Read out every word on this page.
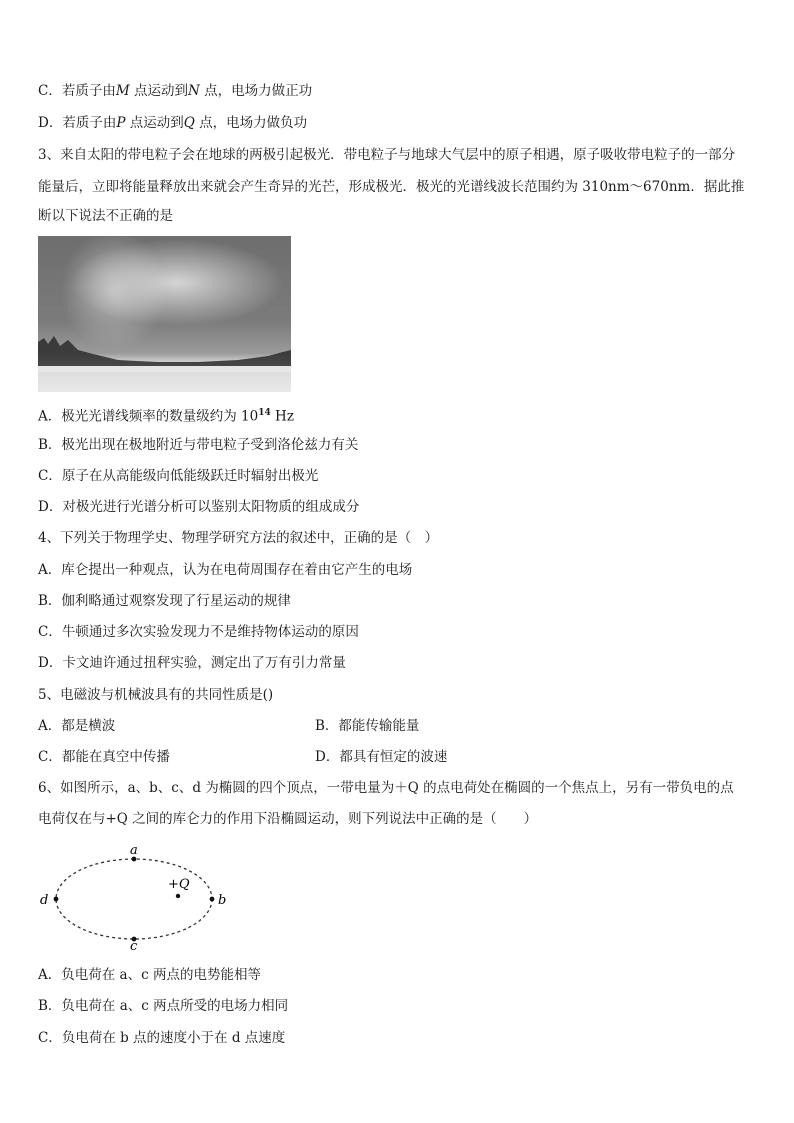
C．若质子由M 点运动到N 点，电场力做正功
D．若质子由P 点运动到Q 点，电场力做负功
3、来自太阳的带电粒子会在地球的两极引起极光．带电粒子与地球大气层中的原子相遇，原子吸收带电粒子的一部分
能量后，立即将能量释放出来就会产生奇异的光芒，形成极光．极光的光谱线波长范围约为 310nm～670nm．据此推
断以下说法不正确的是
A．极光光谱线频率的数量级约为 $10^{14}$ Hz
B．极光出现在极地附近与带电粒子受到洛伦兹力有关
C．原子在从高能级向低能级跃迁时辐射出极光
D．对极光进行光谱分析可以鉴别太阳物质的组成成分
4、下列关于物理学史、物理学研究方法的叙述中，正确的是（　）
A．库仑提出一种观点，认为在电荷周围存在着由它产生的电场
B．伽利略通过观察发现了行星运动的规律
C．牛顿通过多次实验发现力不是维持物体运动的原因
D．卡文迪许通过扭秤实验，测定出了万有引力常量
5、电磁波与机械波具有的共同性质是()
A．都是横波	B．都能传输能量
C．都能在真空中传播	D．都具有恒定的波速
6、如图所示，a、b、c、d 为椭圆的四个顶点，一带电量为＋Q 的点电荷处在椭圆的一个焦点上，另有一带负电的点
电荷仅在与+Q 之间的库仑力的作用下沿椭圆运动，则下列说法中正确的是（　　）
a
b
c
d
+Q
A．负电荷在 a、c 两点的电势能相等
B．负电荷在 a、c 两点所受的电场力相同
C．负电荷在 b 点的速度小于在 d 点速度
